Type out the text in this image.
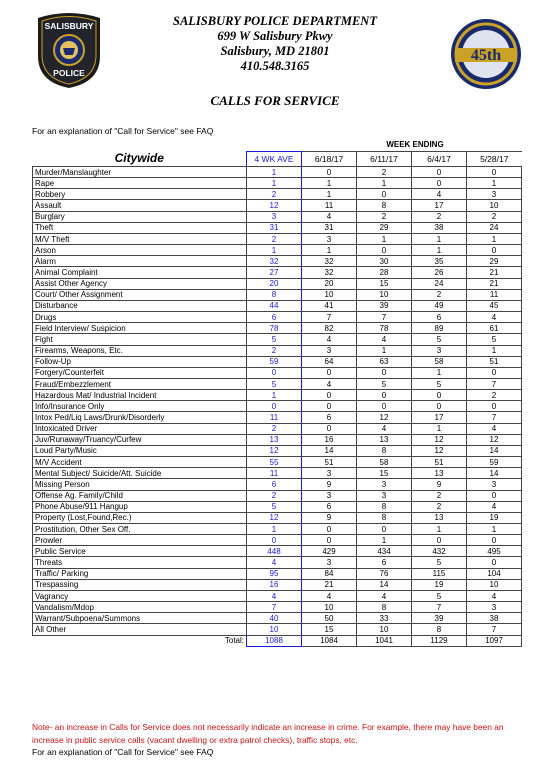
SALISBURY
POLICE
45th
SALISBURY POLICE DEPARTMENT
699 W Salisbury Pkwy
Salisbury, MD 21801
410.548.3165
CALLS FOR SERVICE
For an explanation of "Call for Service" see FAQ
WEEK ENDING
Citywide	4 WK AVE	6/18/17	6/11/17	6/4/17	5/28/17
Murder/Manslaughter	1	0	2	0	0
Rape	1	1	1	0	1
Robbery	2	1	0	4	3
Assault	12	11	8	17	10
Burglary	3	4	2	2	2
Theft	31	31	29	38	24
M/V Theft	2	3	1	1	1
Arson	1	1	0	1	0
Alarm	32	32	30	35	29
Animal Complaint	27	32	28	26	21
Assist Other Agency	20	20	15	24	21
Court/ Other Assignment	8	10	10	2	11
Disturbance	44	41	39	49	45
Drugs	6	7	7	6	4
Field Interview/ Suspicion	78	82	78	89	61
Fight	5	4	4	5	5
Firearms, Weapons, Etc.	2	3	1	3	1
Follow-Up	59	64	63	58	51
Forgery/Counterfeit	0	0	0	1	0
Fraud/Embezzlement	5	4	5	5	7
Hazardous Mat/ Industrial Incident	1	0	0	0	2
Info/Insurance Only	0	0	0	0	0
Intox Ped/Liq Laws/Drunk/Disorderly	11	6	12	17	7
Intoxicated Driver	2	0	4	1	4
Juv/Runaway/Truancy/Curfew	13	16	13	12	12
Loud Party/Music	12	14	8	12	14
M/V Accident	55	51	58	51	59
Mental Subject/ Suicide/Att. Suicide	11	3	15	13	14
Missing Person	6	9	3	9	3
Offense Ag. Family/Child	2	3	3	2	0
Phone Abuse/911 Hangup	5	6	8	2	4
Property (Lost,Found,Rec.)	12	9	8	13	19
Prostitution, Other Sex Off.	1	0	0	1	1
Prowler	0	0	1	0	0
Public Service	448	429	434	432	495
Threats	4	3	6	5	0
Traffic/ Parking	95	84	76	115	104
Trespassing	16	21	14	19	10
Vagrancy	4	4	4	5	4
Vandalism/Mdop	7	10	8	7	3
Warrant/Subpoena/Summons	40	50	33	39	38
All Other	10	15	10	8	7
Total:	1088	1084	1041	1129	1097
Note- an increase in Calls for Service does not necessarily indicate an increase in crime. For example, there may have been an increase in public service calls (vacant dwelling or extra patrol checks), traffic stops, etc.
For an explanation of "Call for Service" see FAQ
